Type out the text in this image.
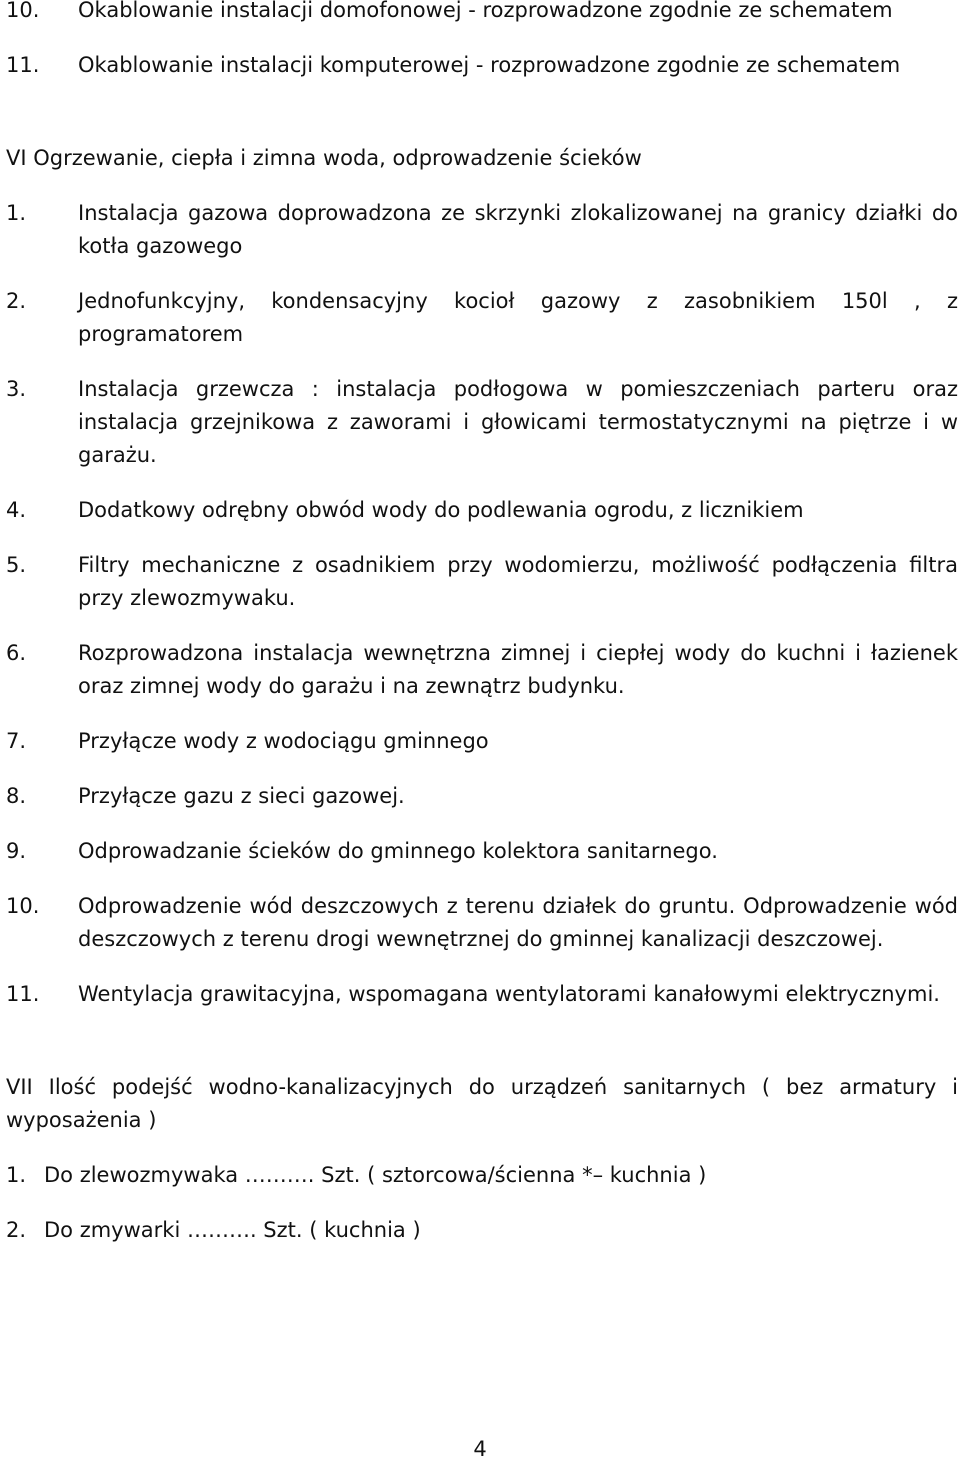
10.	Okablowanie instalacji domofonowej - rozprowadzone zgodnie ze schematem
11.	Okablowanie instalacji komputerowej - rozprowadzone zgodnie ze schematem
VI Ogrzewanie, ciepła i zimna woda, odprowadzenie ścieków
1.	Instalacja gazowa doprowadzona ze skrzynki zlokalizowanej na granicy działki do kotła gazowego
2.	Jednofunkcyjny, kondensacyjny kocioł gazowy z zasobnikiem 150l , z programatorem
3.	Instalacja grzewcza : instalacja podłogowa w pomieszczeniach parteru oraz instalacja grzejnikowa z zaworami i głowicami termostatycznymi na piętrze i w garażu.
4.	Dodatkowy odrębny obwód wody do podlewania ogrodu, z licznikiem
5.	Filtry mechaniczne z osadnikiem przy wodomierzu, możliwość podłączenia filtra przy zlewozmywaku.
6.	Rozprowadzona instalacja wewnętrzna zimnej i ciepłej wody do kuchni i łazienek oraz zimnej wody do garażu i na zewnątrz budynku.
7.	Przyłącze wody z wodociągu gminnego
8.	Przyłącze gazu z sieci gazowej.
9.	Odprowadzanie ścieków do gminnego kolektora sanitarnego.
10.	Odprowadzenie wód deszczowych z terenu działek do gruntu. Odprowadzenie wód deszczowych z terenu drogi wewnętrznej do gminnej kanalizacji deszczowej.
11.	Wentylacja grawitacyjna, wspomagana wentylatorami kanałowymi elektrycznymi.
VII Ilość podejść wodno-kanalizacyjnych do urządzeń sanitarnych ( bez armatury i wyposażenia )
1. Do zlewozmywaka ………. Szt. ( sztorcowa/ścienna *– kuchnia )
2. Do zmywarki ………. Szt. ( kuchnia )
4
